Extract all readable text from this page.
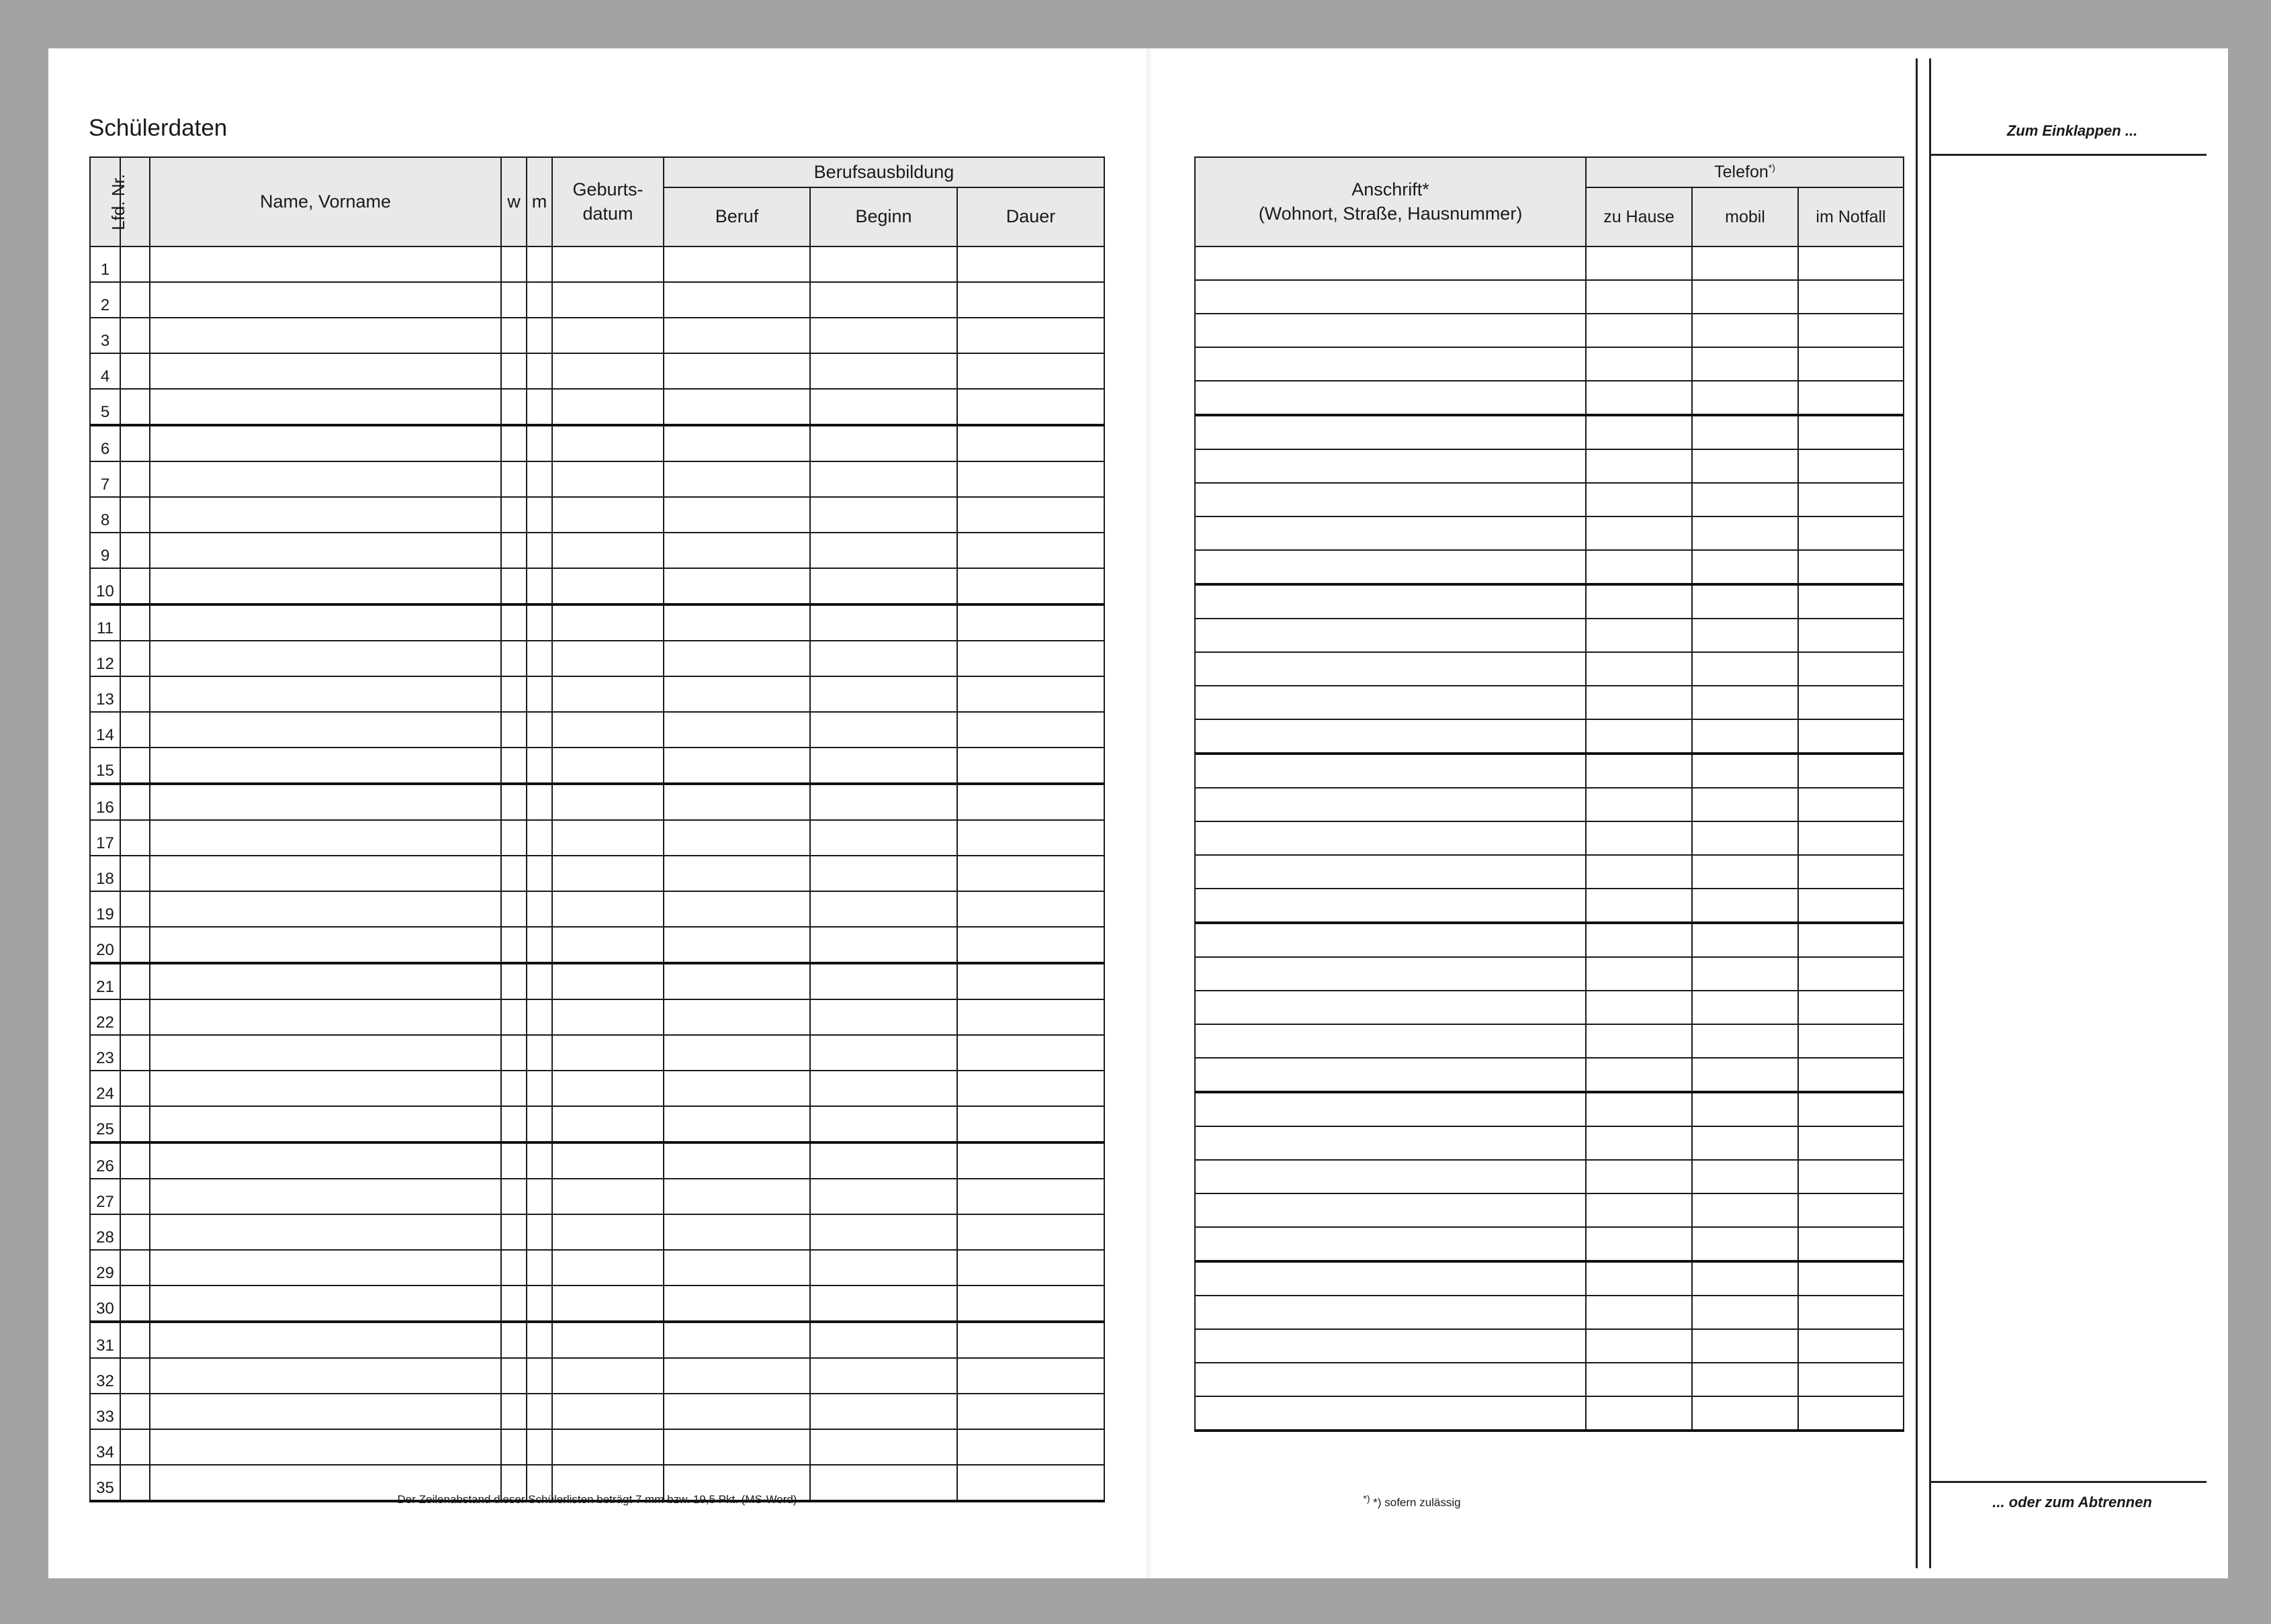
Schülerdaten
Lfd. Nr.		Name, Vorname	w	m	Geburts-
datum	Berufsausbildung		
						Beruf	Beginn	Dauer
1								
2								
3								
4								
5								
6								
7								
8								
9								
10								
11								
12								
13								
14								
15								
16								
17								
18								
19								
20								
21								
22								
23								
24								
25								
26								
27								
28								
29								
30								
31								
32								
33								
34								
35								
Der Zeilenabstand dieser Schülerlisten beträgt 7 mm bzw. 19,5 Pkt. (MS-Word)
Anschrift*
(Wohnort, Straße, Hausnummer)	Telefon*)
	zu Hause	mobil	im Notfall

*) *) sofern zulässig
Zum Einklappen ...
... oder zum Abtrennen
